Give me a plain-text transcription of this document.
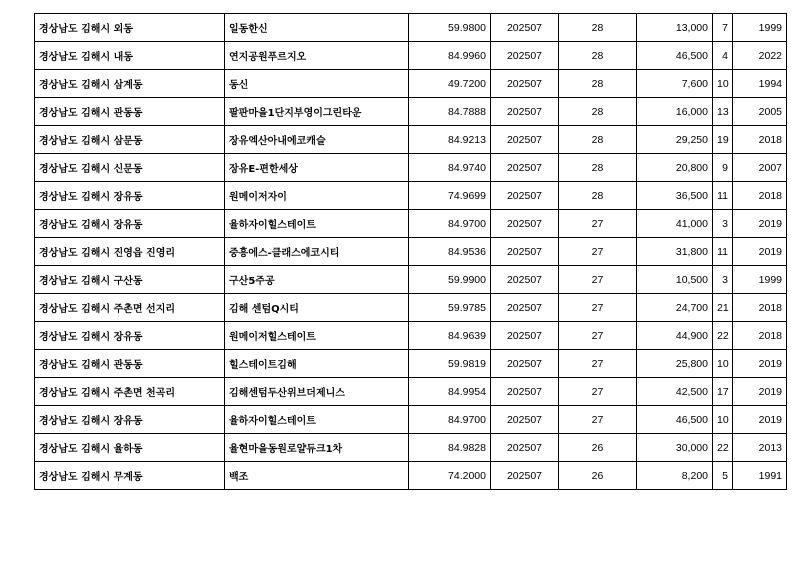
경상남도 김해시 외동	일동한신	59.9800	202507	28	13,000	7	1999
경상남도 김해시 내동	연지공원푸르지오	84.9960	202507	28	46,500	4	2022
경상남도 김해시 삼계동	동신	49.7200	202507	28	7,600	10	1994
경상남도 김해시 관동동	팔판마을1단지부영이그린타운	84.7888	202507	28	16,000	13	2005
경상남도 김해시 삼문동	장유엑산아내에코캐슬	84.9213	202507	28	29,250	19	2018
경상남도 김해시 신문동	장유E-편한세상	84.9740	202507	28	20,800	9	2007
경상남도 김해시 장유동	원메이저자이	74.9699	202507	28	36,500	11	2018
경상남도 김해시 장유동	율하자이힐스테이트	84.9700	202507	27	41,000	3	2019
경상남도 김해시 진영읍 진영리	중흥에스-클래스에코시티	84.9536	202507	27	31,800	11	2019
경상남도 김해시 구산동	구산5주공	59.9900	202507	27	10,500	3	1999
경상남도 김해시 주촌면 선지리	김해 센텀Q시티	59.9785	202507	27	24,700	21	2018
경상남도 김해시 장유동	원메이저힐스테이트	84.9639	202507	27	44,900	22	2018
경상남도 김해시 관동동	힐스테이트김해	59.9819	202507	27	25,800	10	2019
경상남도 김해시 주촌면 천곡리	김해센텀두산위브더제니스	84.9954	202507	27	42,500	17	2019
경상남도 김해시 장유동	율하자이힐스테이트	84.9700	202507	27	46,500	10	2019
경상남도 김해시 율하동	율현마을동원로얄듀크1차	84.9828	202507	26	30,000	22	2013
경상남도 김해시 무계동	백조	74.2000	202507	26	8,200	5	1991
